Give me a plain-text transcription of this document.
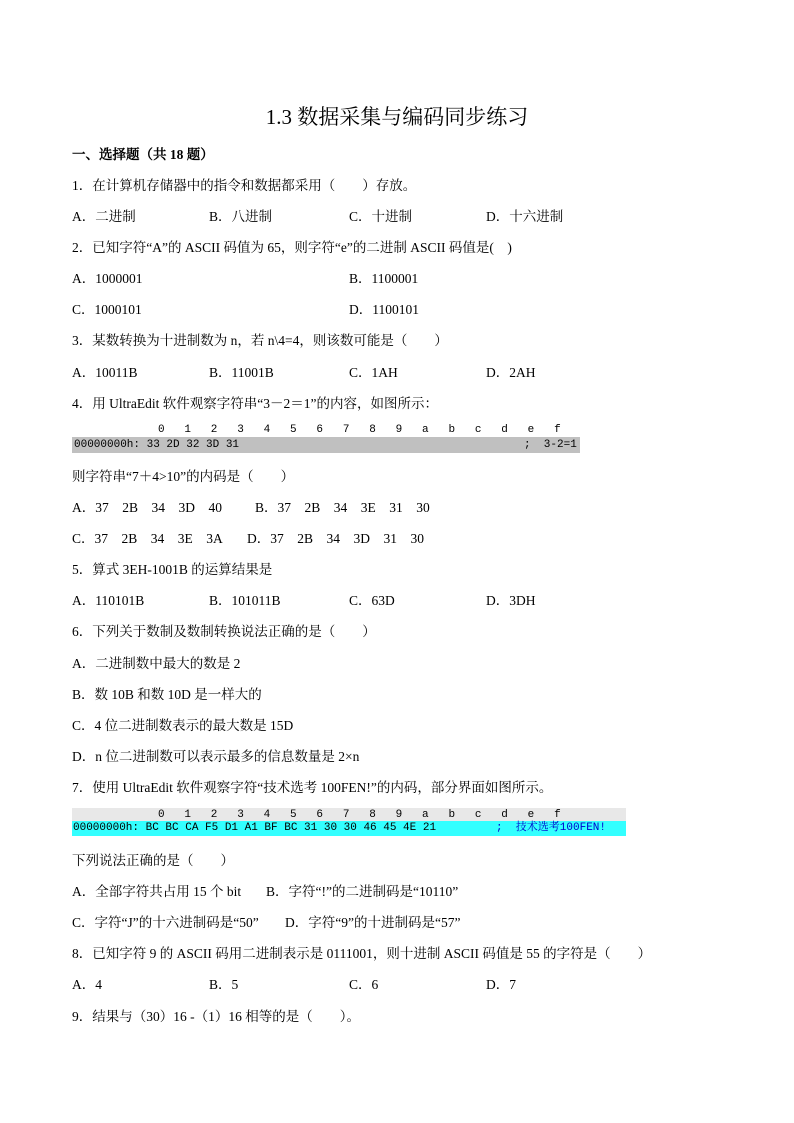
1.3 数据采集与编码同步练习
一、选择题（共 18 题）
1．在计算机存储器中的指令和数据都采用（　　）存放。
A．二进制	B．八进制	C．十进制	D．十六进制
2．已知字符“A”的 ASCII 码值为 65，则字符“e”的二进制 ASCII 码值是(　)
A．1000001	B．1100001
C．1000101	D．1100101
3．某数转换为十进制数为 n，若 n\4=4，则该数可能是（　　）
A．10011B	B．11001B	C．1AH	D．2AH
4．用 UltraEdit 软件观察字符串“3－2＝1”的内容，如图所示：
0   1   2   3   4   5   6   7   8   9   a   b   c   d   e   f
00000000h: 33 2D 32 3D 31	;  3-2=1
则字符串“7＋4>10”的内码是（　　）
A．37　2B　34　3D　40 B．37　2B　34　3E　31　30
C．37　2B　34　3E　3A D．37　2B　34　3D　31　30
5．算式 3EH-1001B 的运算结果是
A．110101B	B．101011B	C．63D	D．3DH
6．下列关于数制及数制转换说法正确的是（　　）
A．二进制数中最大的数是 2
B．数 10B 和数 10D 是一样大的
C．4 位二进制数表示的最大数是 15D
D．n 位二进制数可以表示最多的信息数量是 2×n
7．使用 UltraEdit 软件观察字符“技术选考 100FEN!”的内码，部分界面如图所示。
0   1   2   3   4   5   6   7   8   9   a   b   c   d   e   f
00000000h: BC BC CA F5 D1 A1 BF BC 31 30 30 46 45 4E 21	;  技术选考100FEN!
下列说法正确的是（　　）
A．全部字符共占用 15 个 bit B．字符“!”的二进制码是“10110”
C．字符“J”的十六进制码是“50” D．字符“9”的十进制码是“57”
8．已知字符 9 的 ASCII 码用二进制表示是 0111001，则十进制 ASCII 码值是 55 的字符是（　　）
A．4	B．5	C．6	D．7
9．结果与（30）16 -（1）16 相等的是（　　）。
